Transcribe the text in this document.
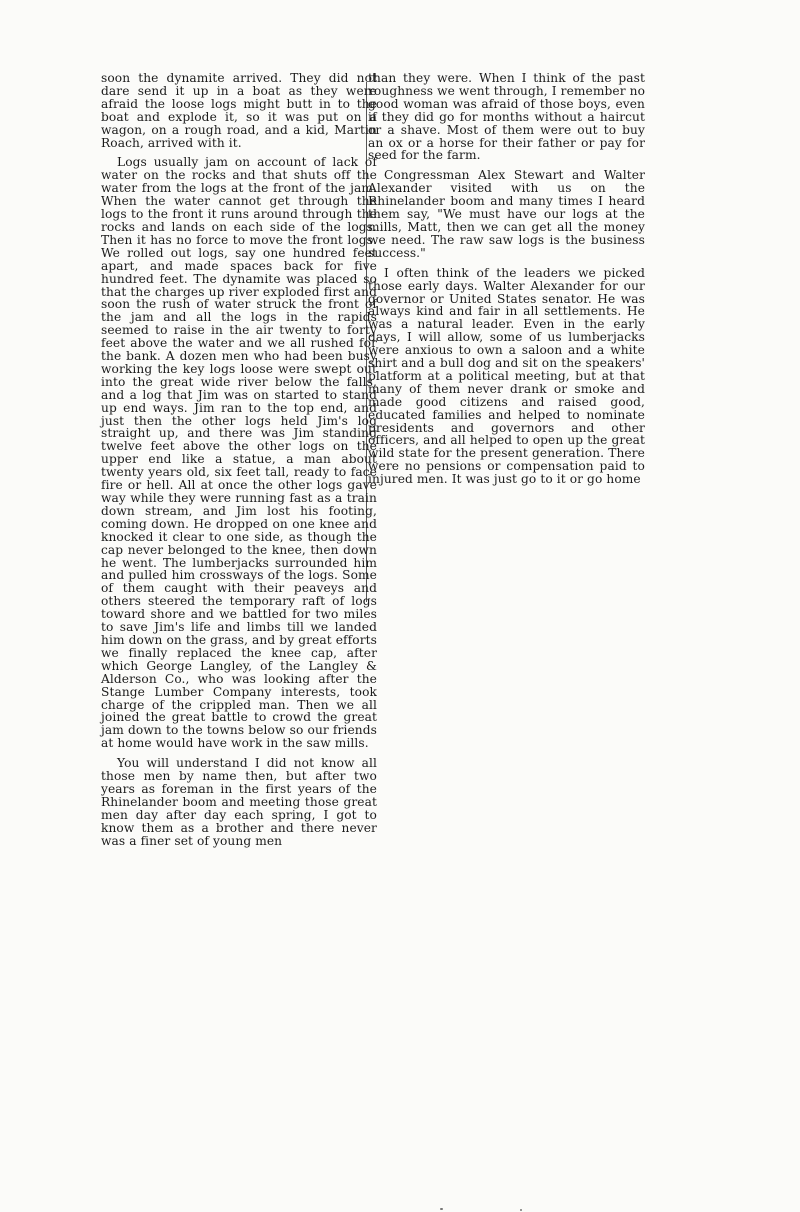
soon the dynamite arrived. They did not dare send it up in a boat as they were afraid the loose logs might butt in to the boat and explode it, so it was put on a wagon, on a rough road, and a kid, Martin Roach, arrived with it.

Logs usually jam on account of lack of water on the rocks and that shuts off the water from the logs at the front of the jam. When the water cannot get through the logs to the front it runs around through the rocks and lands on each side of the logs. Then it has no force to move the front logs. We rolled out logs, say one hundred feet apart, and made spaces back for five hundred feet. The dynamite was placed so that the charges up river exploded first and soon the rush of water struck the front of the jam and all the logs in the rapids seemed to raise in the air twenty to forty feet above the water and we all rushed for the bank. A dozen men who had been busy working the key logs loose were swept out into the great wide river below the falls, and a log that Jim was on started to stand up end ways. Jim ran to the top end, and just then the other logs held Jim's log straight up, and there was Jim standing twelve feet above the other logs on the upper end like a statue, a man about twenty years old, six feet tall, ready to face fire or hell. All at once the other logs gave way while they were running fast as a train down stream, and Jim lost his footing, coming down. He dropped on one knee and knocked it clear to one side, as though the cap never belonged to the knee, then down he went. The lumberjacks surrounded him and pulled him crossways of the logs. Some of them caught with their peaveys and others steered the temporary raft of logs toward shore and we battled for two miles to save Jim's life and limbs till we landed him down on the grass, and by great efforts we finally replaced the knee cap, after which George Langley, of the Langley & Alderson Co., who was looking after the Stange Lumber Company interests, took charge of the crippled man. Then we all joined the great battle to crowd the great jam down to the towns below so our friends at home would have work in the saw mills.

You will understand I did not know all those men by name then, but after two years as foreman in the first years of the Rhinelander boom and meeting those great men day after day each spring, I got to know them as a brother and there never was a finer set of young men

than they were. When I think of the past roughness we went through, I remember no good woman was afraid of those boys, even if they did go for months without a haircut or a shave. Most of them were out to buy an ox or a horse for their father or pay for seed for the farm.

Congressman Alex Stewart and Walter Alexander visited with us on the Rhinelander boom and many times I heard them say, "We must have our logs at the mills, Matt, then we can get all the money we need. The raw saw logs is the business success."

I often think of the leaders we picked those early days. Walter Alexander for our governor or United States senator. He was always kind and fair in all settlements. He was a natural leader. Even in the early days, I will allow, some of us lumberjacks were anxious to own a saloon and a white shirt and a bull dog and sit on the speakers' platform at a political meeting, but at that many of them never drank or smoke and made good citizens and raised good, educated families and helped to nominate presidents and governors and other officers, and all helped to open up the great wild state for the present generation. There were no pensions or compensation paid to injured men. It was just go to it or go home
